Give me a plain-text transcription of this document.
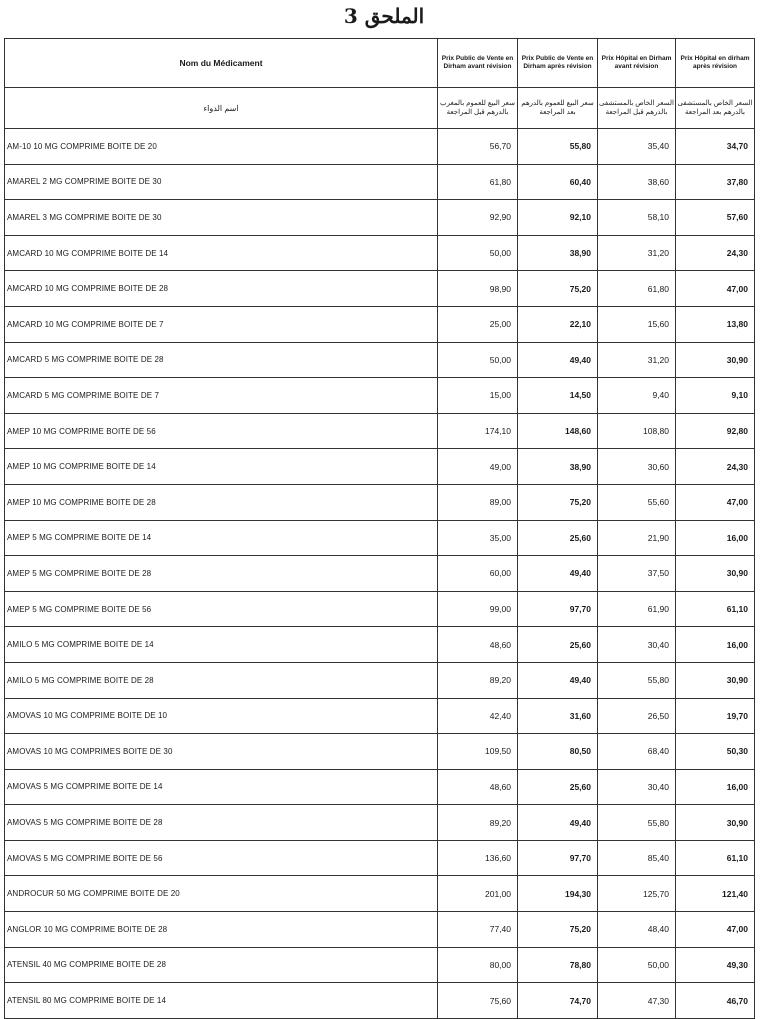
الملحق 3
Nom du Médicament	Prix Public de Vente en Dirham avant révision	Prix Public de Vente en Dirham après révision	Prix Hôpital en Dirham avant révision	Prix Hôpital en dirham après révision
اسم الدواء	سعر البيع للعموم بالمغرب بالدرهم قبل المراجعة	سعر البيع للعموم بالدرهم بعد المراجعة	السعر الخاص بالمستشفى بالدرهم قبل المراجعة	السعر الخاص بالمستشفى بالدرهم بعد المراجعة
AM-10 10 MG COMPRIME BOITE DE 20	56,70	55,80	35,40	34,70
AMAREL 2 MG COMPRIME BOITE DE 30	61,80	60,40	38,60	37,80
AMAREL 3 MG COMPRIME BOITE DE 30	92,90	92,10	58,10	57,60
AMCARD 10 MG COMPRIME BOITE DE 14	50,00	38,90	31,20	24,30
AMCARD 10 MG COMPRIME BOITE DE 28	98,90	75,20	61,80	47,00
AMCARD 10 MG COMPRIME BOITE DE 7	25,00	22,10	15,60	13,80
AMCARD 5 MG COMPRIME BOITE DE 28	50,00	49,40	31,20	30,90
AMCARD 5 MG COMPRIME BOITE DE 7	15,00	14,50	9,40	9,10
AMEP 10 MG COMPRIME BOITE DE 56	174,10	148,60	108,80	92,80
AMEP 10 MG COMPRIME BOITE DE 14	49,00	38,90	30,60	24,30
AMEP 10 MG COMPRIME BOITE DE 28	89,00	75,20	55,60	47,00
AMEP 5 MG COMPRIME BOITE DE 14	35,00	25,60	21,90	16,00
AMEP 5 MG COMPRIME BOITE DE 28	60,00	49,40	37,50	30,90
AMEP 5 MG COMPRIME BOITE DE 56	99,00	97,70	61,90	61,10
AMILO 5 MG COMPRIME BOITE DE 14	48,60	25,60	30,40	16,00
AMILO 5 MG COMPRIME BOITE DE 28	89,20	49,40	55,80	30,90
AMOVAS 10 MG COMPRIME BOITE DE 10	42,40	31,60	26,50	19,70
AMOVAS 10 MG COMPRIMES BOITE DE 30	109,50	80,50	68,40	50,30
AMOVAS 5 MG COMPRIME BOITE DE 14	48,60	25,60	30,40	16,00
AMOVAS 5 MG COMPRIME BOITE DE 28	89,20	49,40	55,80	30,90
AMOVAS 5 MG COMPRIME BOITE DE 56	136,60	97,70	85,40	61,10
ANDROCUR 50 MG COMPRIME BOITE DE 20	201,00	194,30	125,70	121,40
ANGLOR 10 MG COMPRIME BOITE DE 28	77,40	75,20	48,40	47,00
ATENSIL 40 MG COMPRIME BOITE DE 28	80,00	78,80	50,00	49,30
ATENSIL 80 MG COMPRIME BOITE DE 14	75,60	74,70	47,30	46,70
